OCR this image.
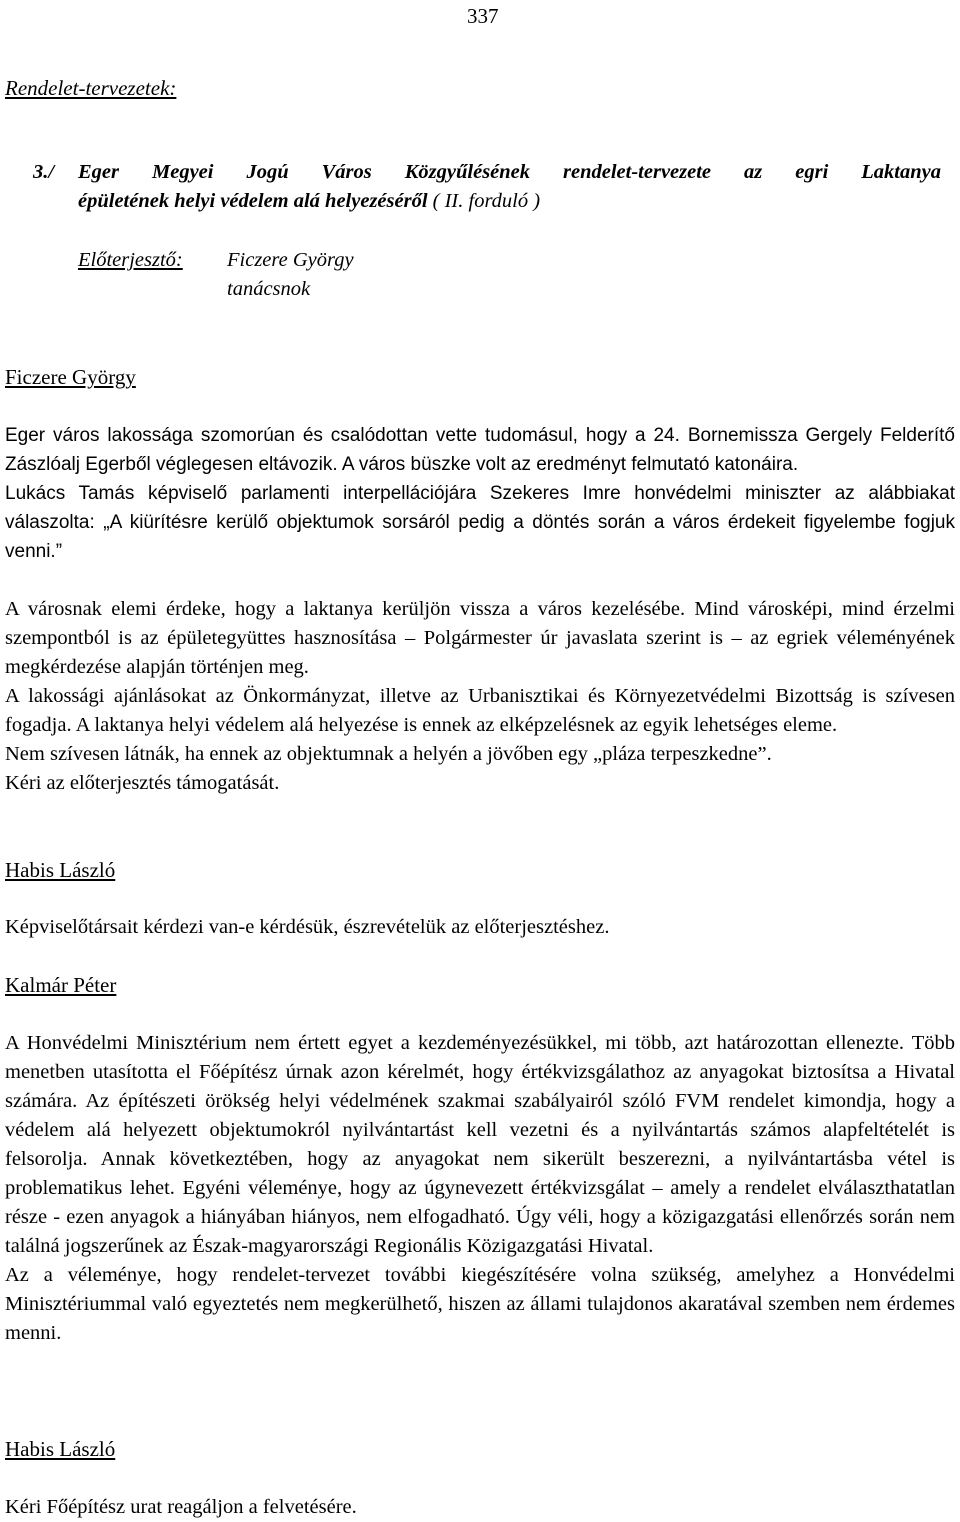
337
Rendelet-tervezetek:
3./ Eger Megyei Jogú Város Közgyűlésének rendelet-tervezete az egri Laktanya
épületének helyi védelem alá helyezéséről ( II. forduló )
Előterjesztő: Ficzere György
tanácsnok
Ficzere György

Eger város lakossága szomorúan és csalódottan vette tudomásul, hogy a 24. Bornemissza Gergely Felderítő Zászlóalj Egerből véglegesen eltávozik. A város büszke volt az eredményt felmutató katonáira.

Lukács Tamás képviselő parlamenti interpellációjára Szekeres Imre honvédelmi miniszter az alábbiakat válaszolta: „A kiürítésre kerülő objektumok sorsáról pedig a döntés során a város érdekeit figyelembe fogjuk venni.”

A városnak elemi érdeke, hogy a laktanya kerüljön vissza a város kezelésébe. Mind városképi, mind érzelmi szempontból is az épületegyüttes hasznosítása – Polgármester úr javaslata szerint is – az egriek véleményének megkérdezése alapján történjen meg.

A lakossági ajánlásokat az Önkormányzat, illetve az Urbanisztikai és Környezetvédelmi Bizottság is szívesen fogadja. A laktanya helyi védelem alá helyezése is ennek az elképzelésnek az egyik lehetséges eleme.

Nem szívesen látnák, ha ennek az objektumnak a helyén a jövőben egy „pláza terpeszkedne”.

Kéri az előterjesztés támogatását.

Habis László

Képviselőtársait kérdezi van-e kérdésük, észrevételük az előterjesztéshez.

Kalmár Péter

A Honvédelmi Minisztérium nem értett egyet a kezdeményezésükkel, mi több, azt határozottan ellenezte. Több menetben utasította el Főépítész úrnak azon kérelmét, hogy értékvizsgálathoz az anyagokat biztosítsa a Hivatal számára. Az építészeti örökség helyi védelmének szakmai szabályairól szóló FVM rendelet kimondja, hogy a védelem alá helyezett objektumokról nyilvántartást kell vezetni és a nyilvántartás számos alapfeltételét is felsorolja. Annak következtében, hogy az anyagokat nem sikerült beszerezni, a nyilvántartásba vétel is problematikus lehet. Egyéni véleménye, hogy az úgynevezett értékvizsgálat – amely a rendelet elválaszthatatlan része - ezen anyagok a hiányában hiányos, nem elfogadható. Úgy véli, hogy a közigazgatási ellenőrzés során nem találná jogszerűnek az Észak-magyarországi Regionális Közigazgatási Hivatal.

Az a véleménye, hogy rendelet-tervezet további kiegészítésére volna szükség, amelyhez a Honvédelmi Minisztériummal való egyeztetés nem megkerülhető, hiszen az állami tulajdonos akaratával szemben nem érdemes menni.

Habis László

Kéri Főépítész urat reagáljon a felvetésére.
